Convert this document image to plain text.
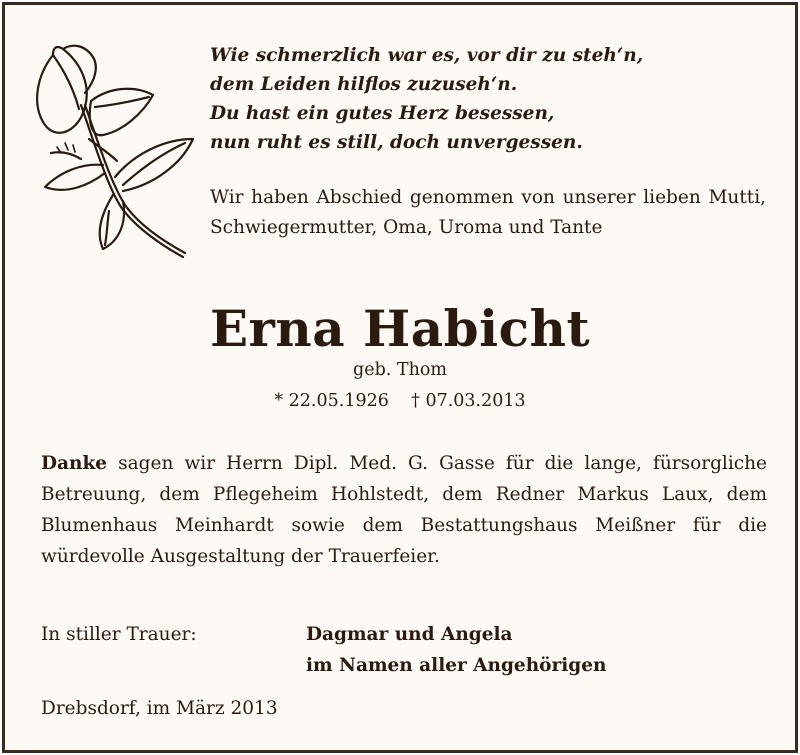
Wie schmerzlich war es, vor dir zu steh‘n,
dem Leiden hilflos zuzuseh‘n.
Du hast ein gutes Herz besessen,
nun ruht es still, doch unvergessen.
Wir haben Abschied genommen von unserer lieben Mutti, Schwiegermutter, Oma, Uroma und Tante
Erna Habicht
geb. Thom
* 22.05.1926 † 07.03.2013
Danke sagen wir Herrn Dipl. Med. G. Gasse für die lange, fürsorgliche Betreuung, dem Pflegeheim Hohlstedt, dem Redner Markus Laux, dem Blumenhaus Meinhardt sowie dem Bestattungshaus Meißner für die würdevolle Ausgestaltung der Trauerfeier.
In stiller Trauer:	Dagmar und Angela
im Namen aller Angehörigen
Drebsdorf, im März 2013
